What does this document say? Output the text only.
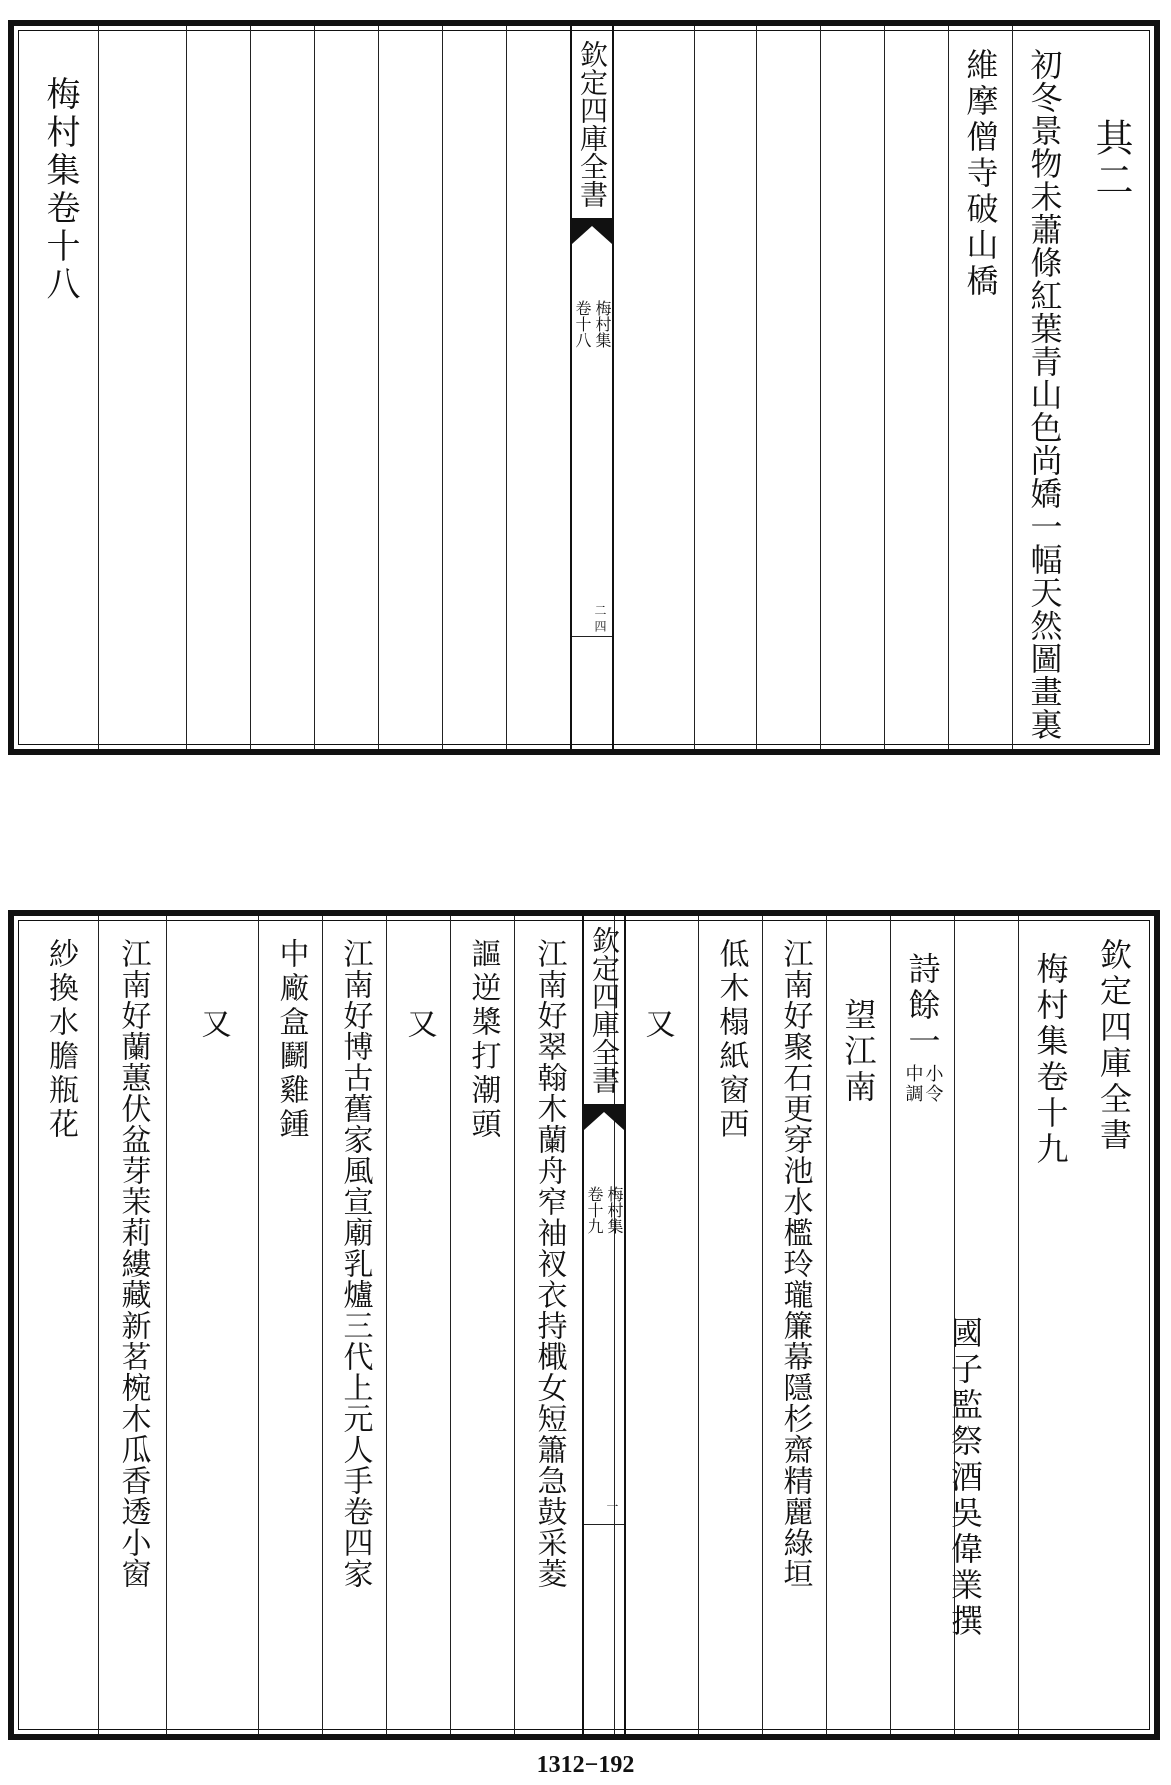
其二
初冬景物未蕭條紅葉青山色尚嬌一幅天然圖畫裏
維摩僧寺破山橋
欽定四庫全書
梅村集
卷十八
二四
梅村集卷十八
欽定四庫全書
梅村集卷十九
國子監祭酒吳偉業撰
詩餘一
小令
中調
望江南
江南好聚石更穿池水檻玲瓏簾幕隱杉齋精麗綠垣
低木榻紙窗西
又
欽定四庫全書
梅村集
卷十九
一
江南好翠翰木蘭舟窄袖衩衣持檝女短簫急鼓采菱
謳逆槳打潮頭
又
江南好博古舊家風宣廟乳爐三代上元人手卷四家
中廠盒鬬雞鍾
又
江南好蘭蕙伏盆芽茉莉縷藏新茗椀木瓜香透小窗
紗換水膽瓶花
1312−192
